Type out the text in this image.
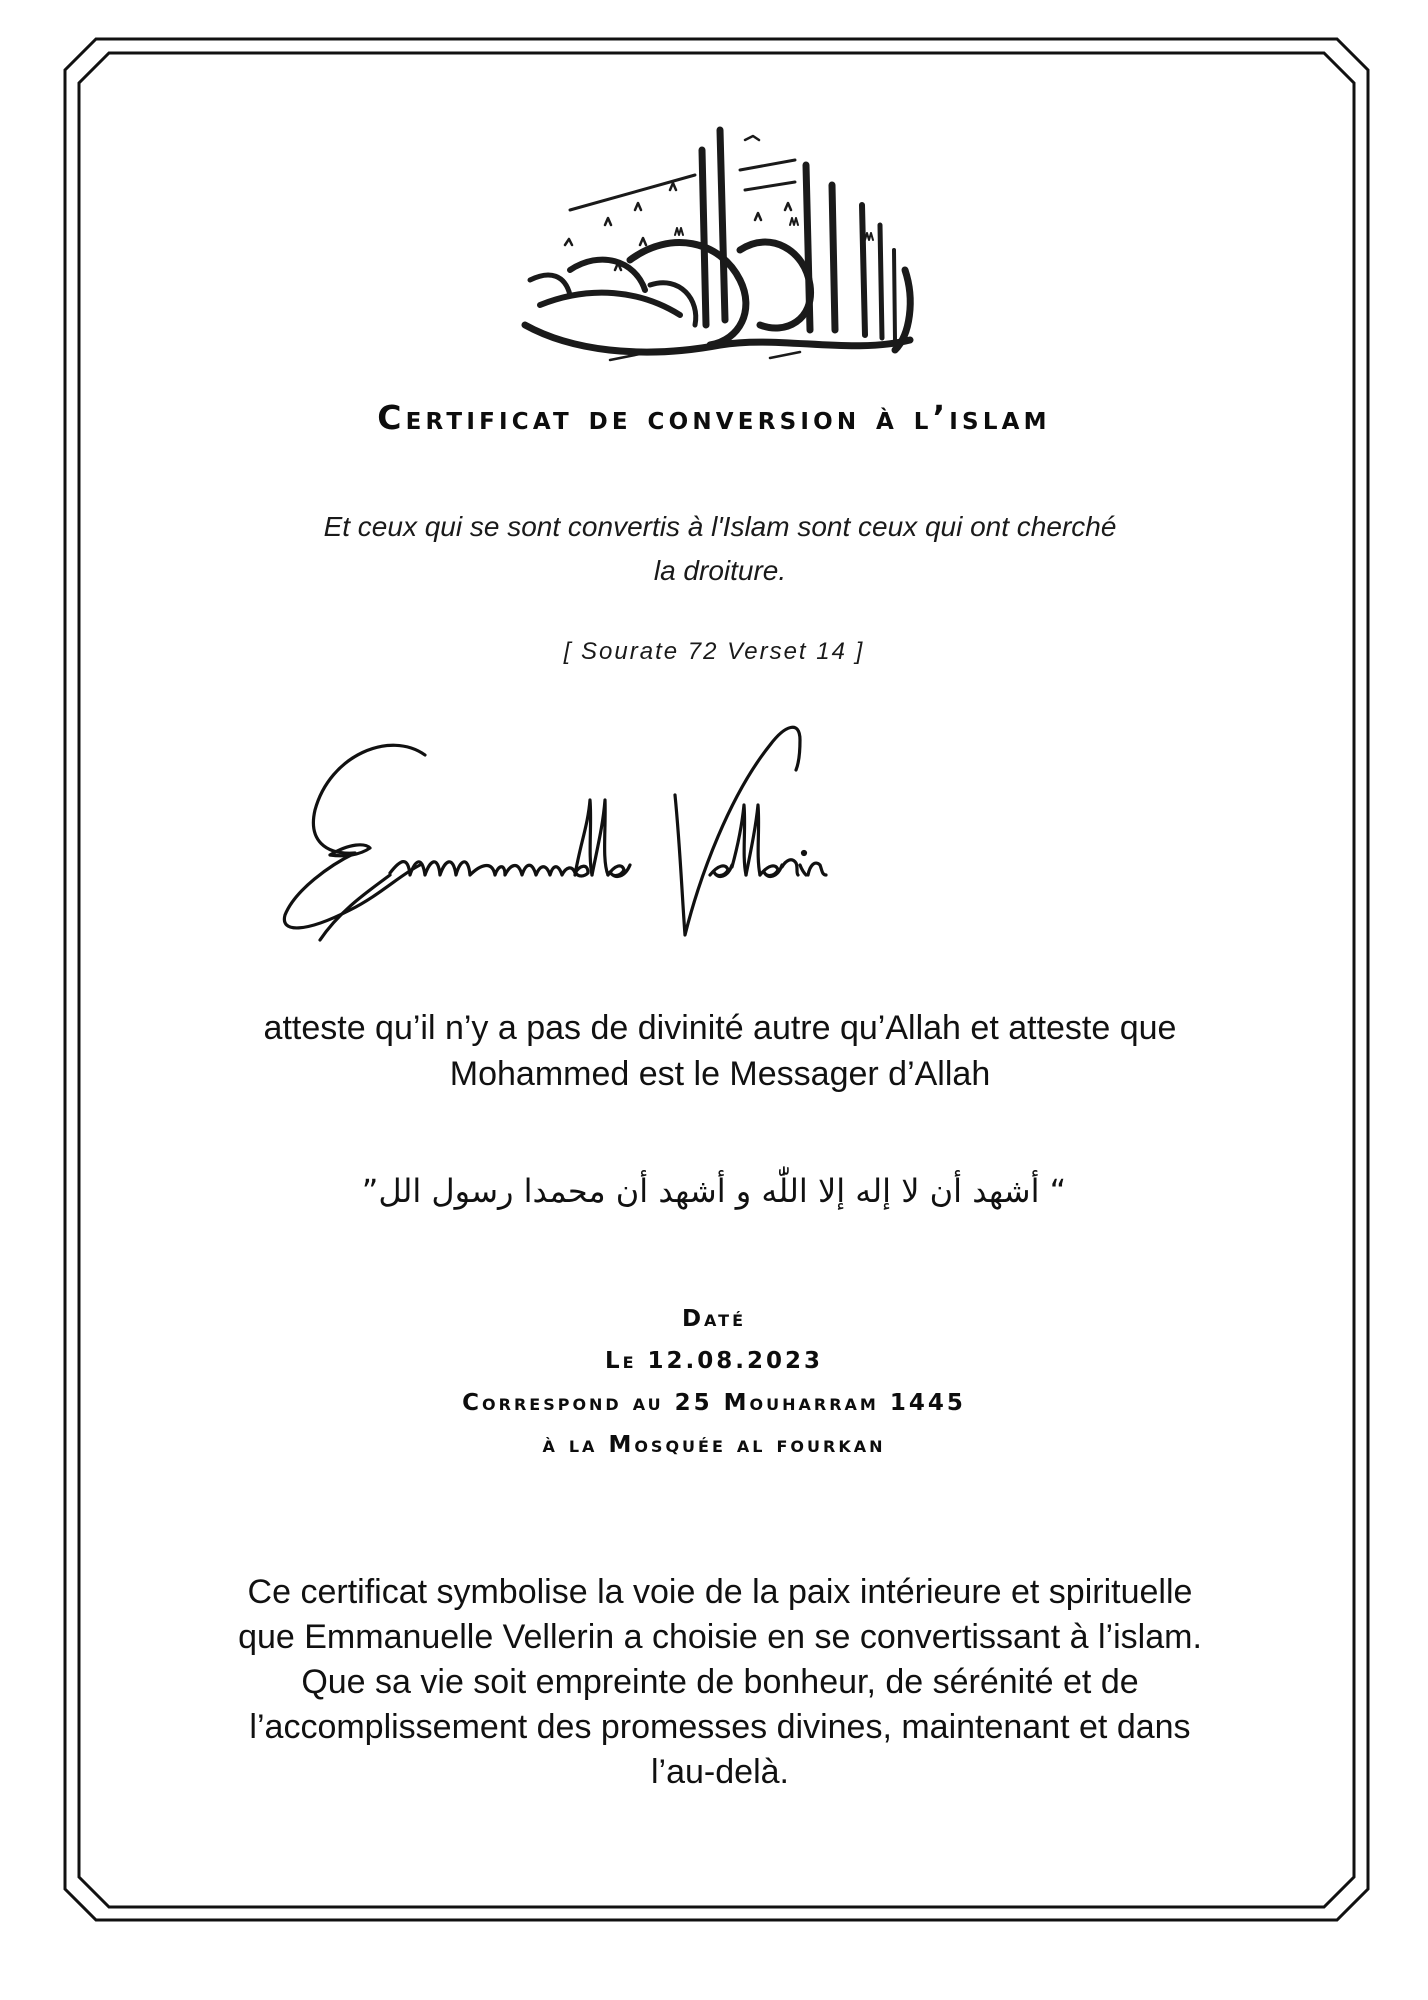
Certificat de conversion à l’islam
Et ceux qui se sont convertis à l'Islam sont ceux qui ont cherché
la droiture.
[ Sourate 72 Verset 14 ]
atteste qu’il n’y a pas de divinité autre qu’Allah et atteste que
Mohammed est le Messager d’Allah
“ أشهد أن لا إله إلا اللّٰه و أشهد أن محمدا رسول الل”
Daté
Le 12.08.2023
Correspond au 25 Mouharram 1445
à la Mosquée al fourkan
Ce certificat symbolise la voie de la paix intérieure et spirituelle
que Emmanuelle Vellerin a choisie en se convertissant à l’islam.
Que sa vie soit empreinte de bonheur, de sérénité et de
l’accomplissement des promesses divines, maintenant et dans
l’au-delà.
